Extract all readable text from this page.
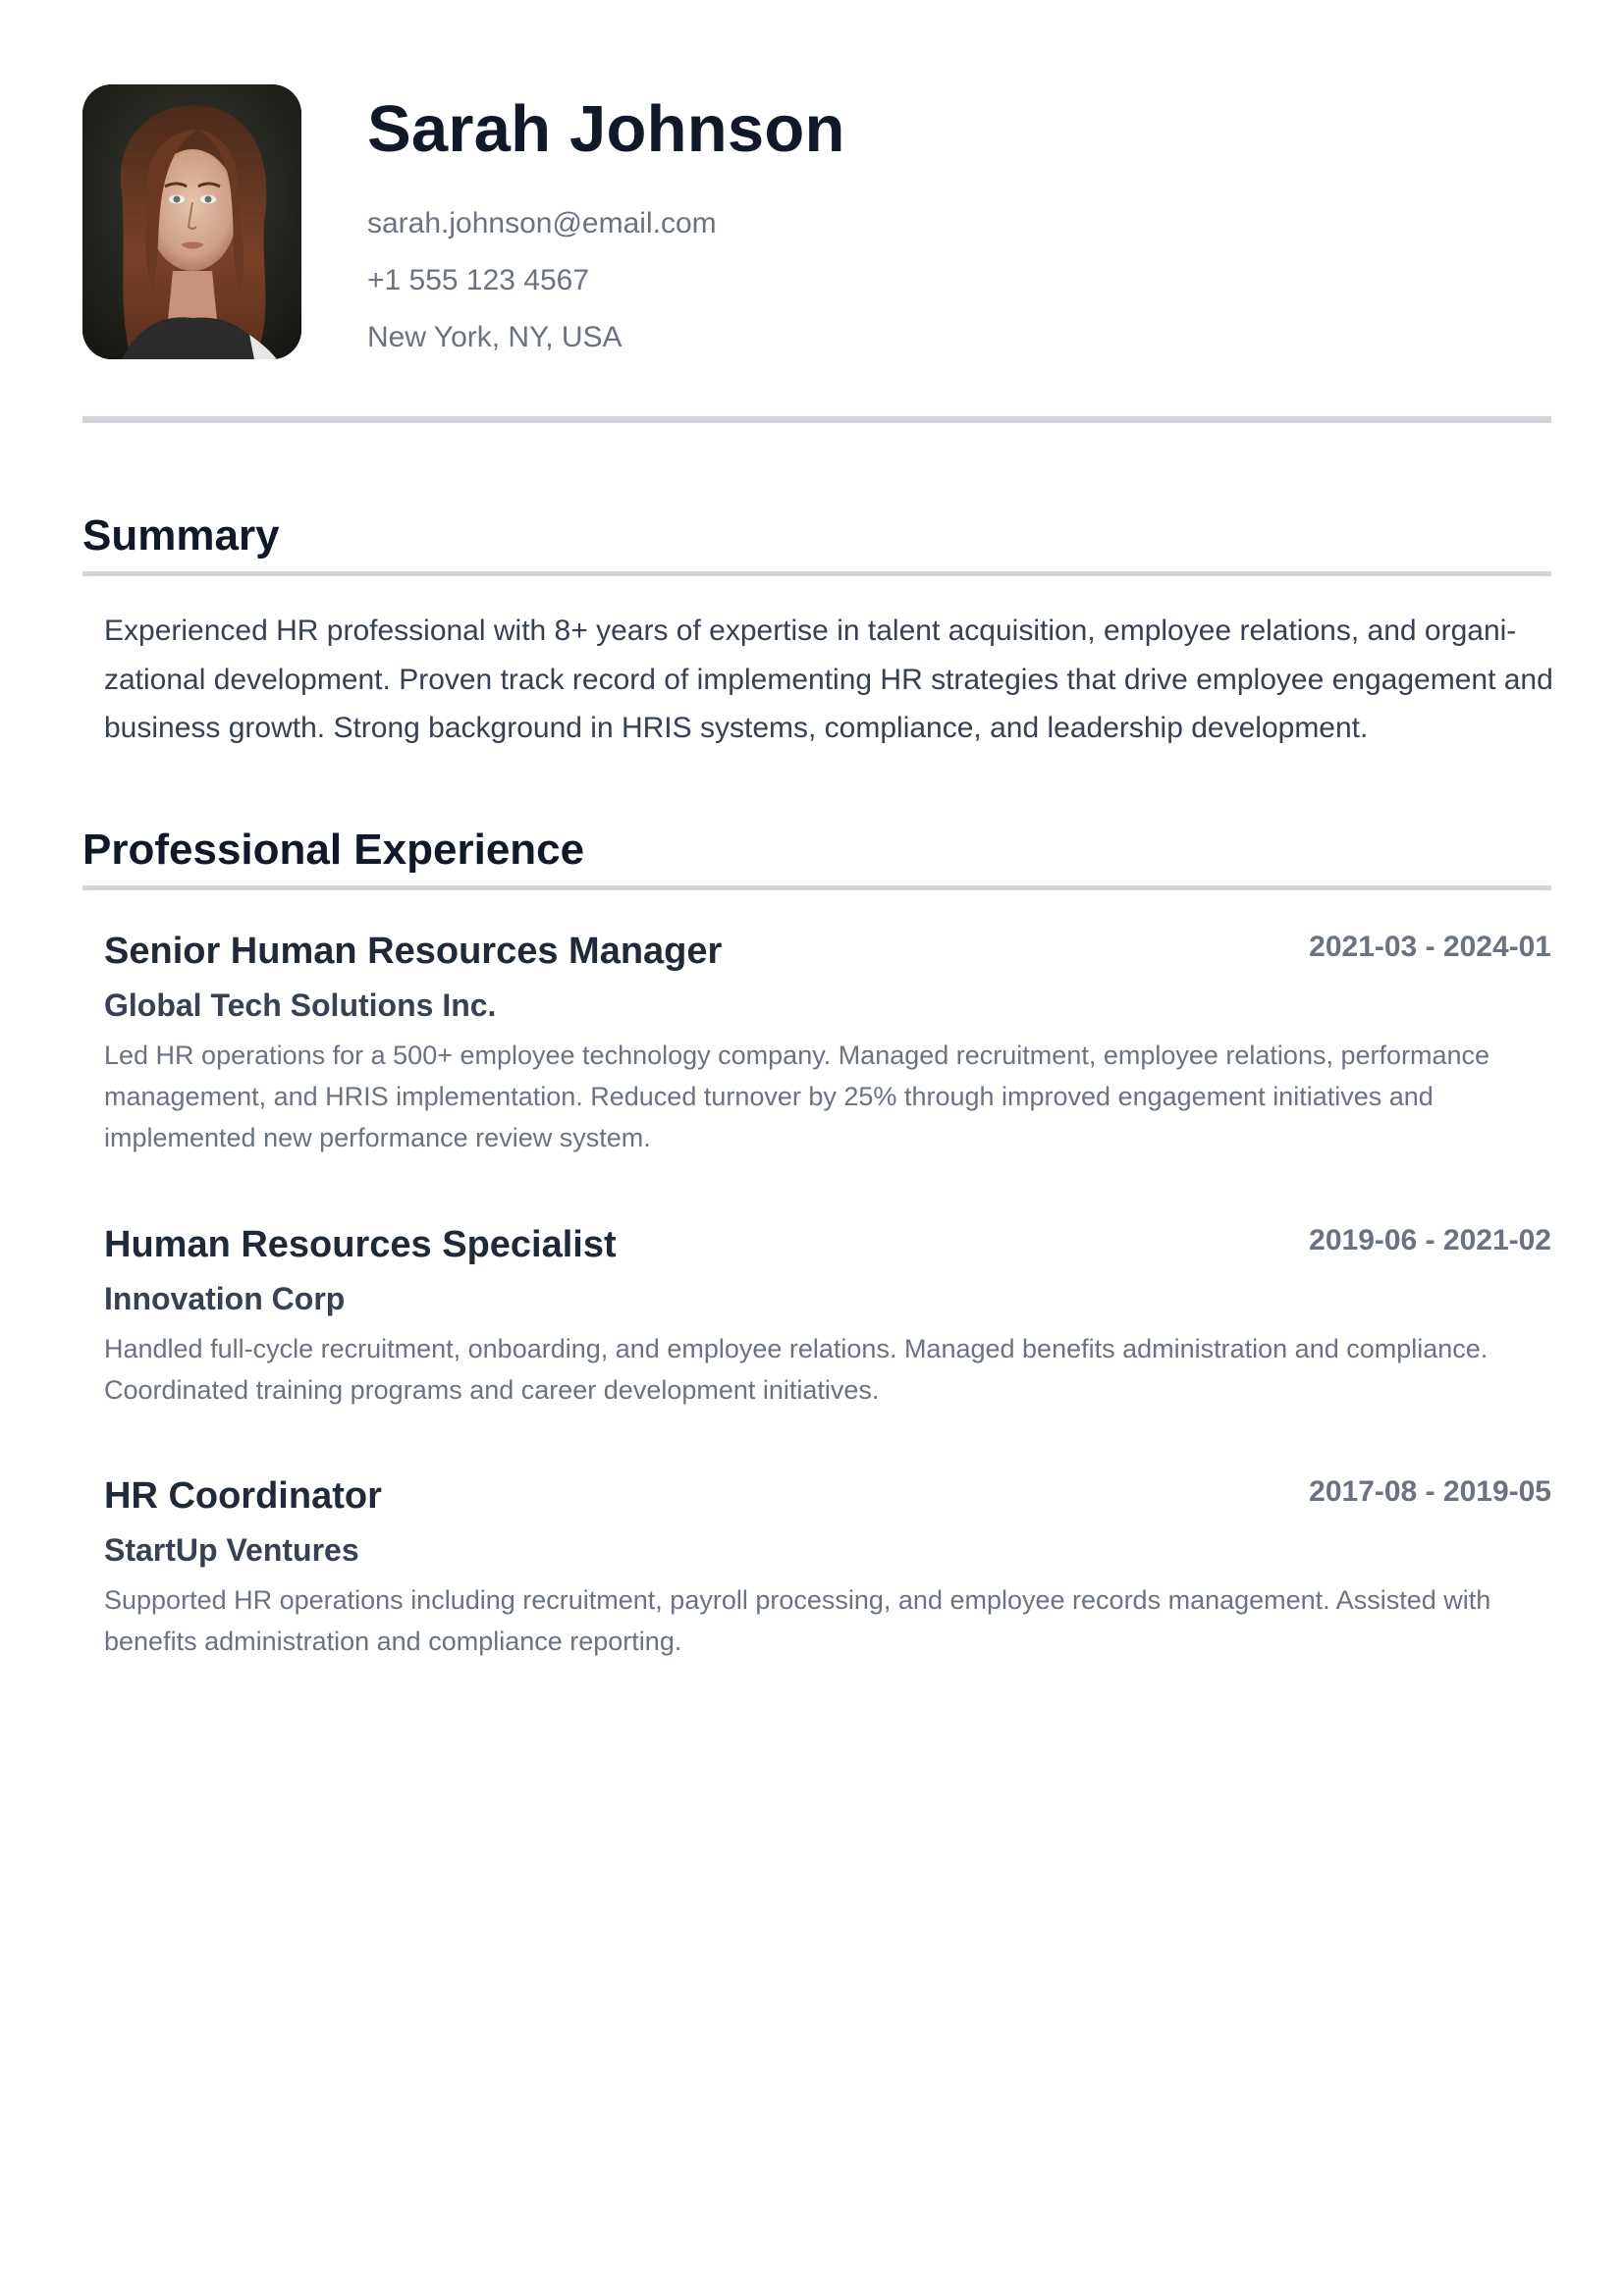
Sarah Johnson
sarah.johnson@email.com
+1 555 123 4567
New York, NY, USA
Summary
Experienced HR professional with 8+ years of expertise in talent acquisition, employee relations, and organi-zational development. Proven track record of implementing HR strategies that drive employee engagement and business growth. Strong background in HRIS systems, compliance, and leadership development.
Professional Experience
Senior Human Resources Manager	2021-03 - 2024-01
Global Tech Solutions Inc.
Led HR operations for a 500+ employee technology company. Managed recruitment, employee relations, performance management, and HRIS implementation. Reduced turnover by 25% through improved engagement initiatives and implemented new performance review system.
Human Resources Specialist	2019-06 - 2021-02
Innovation Corp
Handled full-cycle recruitment, onboarding, and employee relations. Managed benefits administration and compliance. Coordinated training programs and career development initiatives.
HR Coordinator	2017-08 - 2019-05
StartUp Ventures
Supported HR operations including recruitment, payroll processing, and employee records management. Assisted with benefits administration and compliance reporting.
